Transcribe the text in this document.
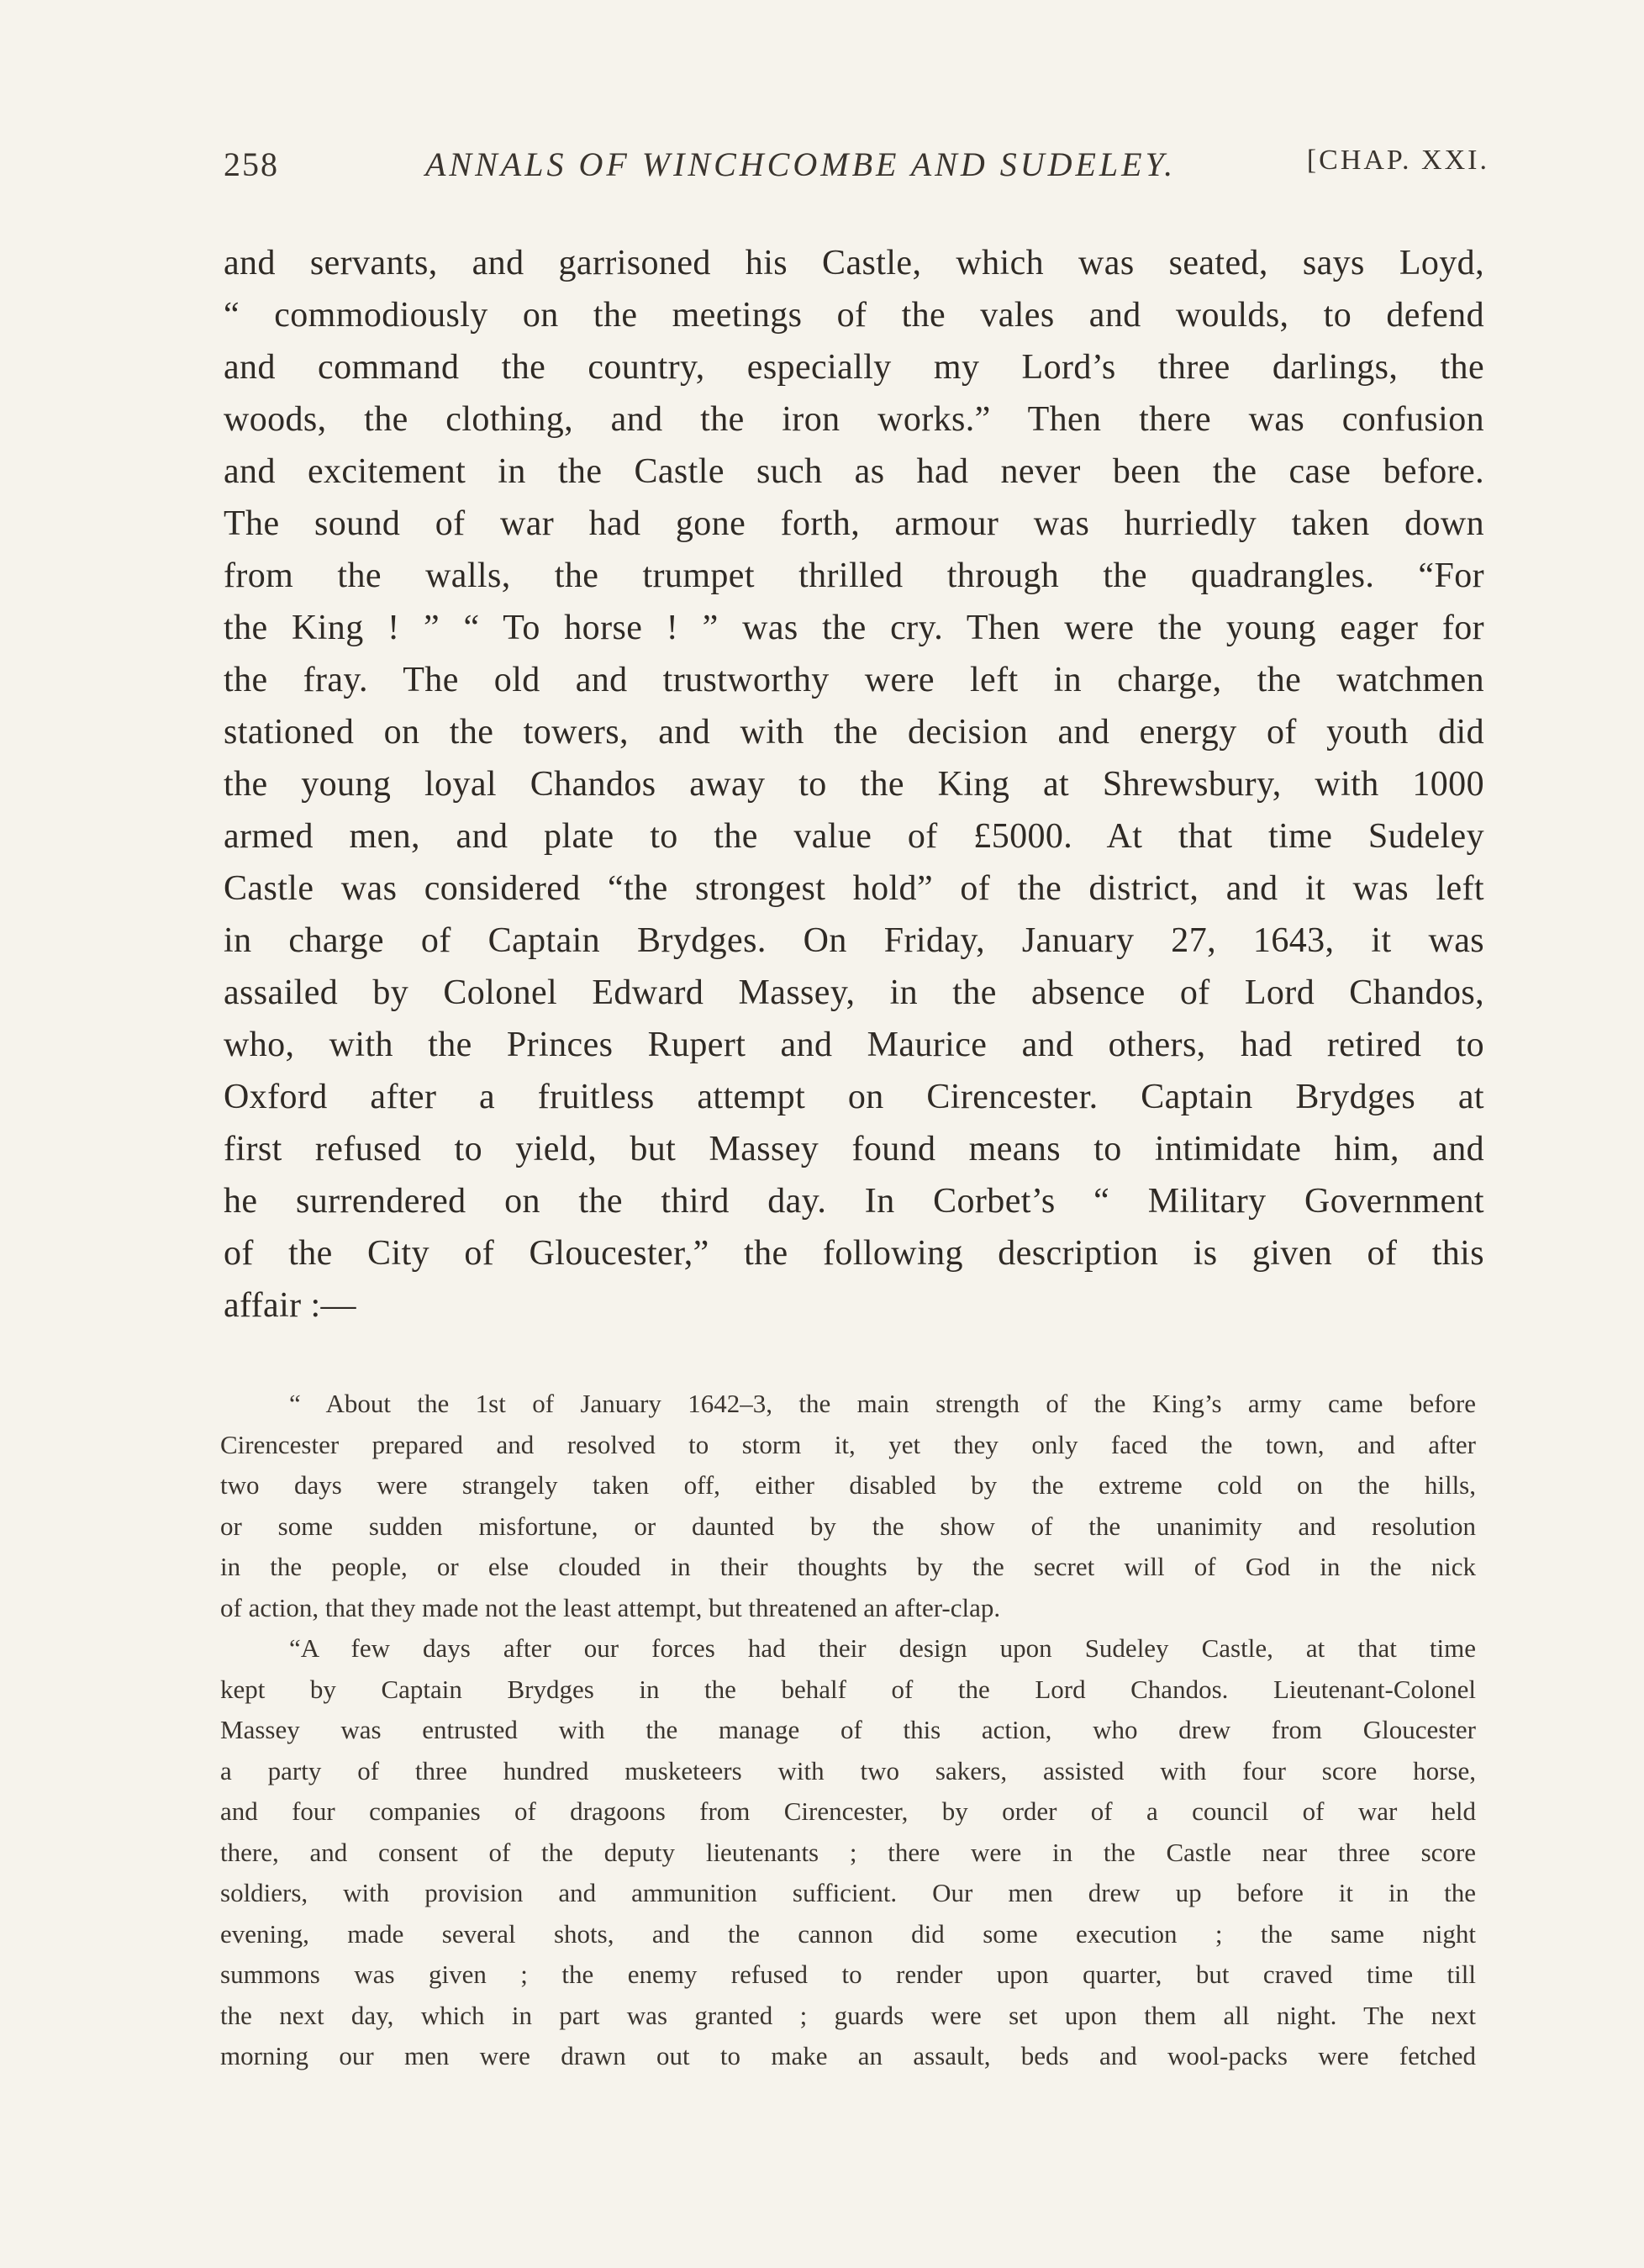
258	ANNALS OF WINCHCOMBE AND SUDELEY.	[CHAP. XXI.
and servants, and garrisoned his Castle, which was seated, says Loyd,
“ commodiously on the meetings of the vales and woulds, to defend
and command the country, especially my Lord’s three darlings, the
woods, the clothing, and the iron works.” Then there was confusion
and excitement in the Castle such as had never been the case before.
The sound of war had gone forth, armour was hurriedly taken down
from the walls, the trumpet thrilled through the quadrangles. “For
the King ! ” “ To horse ! ” was the cry. Then were the young eager for
the fray. The old and trustworthy were left in charge, the watchmen
stationed on the towers, and with the decision and energy of youth did
the young loyal Chandos away to the King at Shrewsbury, with 1000
armed men, and plate to the value of £5000. At that time Sudeley
Castle was considered “the strongest hold” of the district, and it was left
in charge of Captain Brydges. On Friday, January 27, 1643, it was
assailed by Colonel Edward Massey, in the absence of Lord Chandos,
who, with the Princes Rupert and Maurice and others, had retired to
Oxford after a fruitless attempt on Cirencester. Captain Brydges at
first refused to yield, but Massey found means to intimidate him, and
he surrendered on the third day. In Corbet’s “ Military Government
of the City of Gloucester,” the following description is given of this
affair :—
“ About the 1st of January 1642–3, the main strength of the King’s army came before
Cirencester prepared and resolved to storm it, yet they only faced the town, and after
two days were strangely taken off, either disabled by the extreme cold on the hills,
or some sudden misfortune, or daunted by the show of the unanimity and resolution
in the people, or else clouded in their thoughts by the secret will of God in the nick
of action, that they made not the least attempt, but threatened an after-clap.
“A few days after our forces had their design upon Sudeley Castle, at that time
kept by Captain Brydges in the behalf of the Lord Chandos. Lieutenant-Colonel
Massey was entrusted with the manage of this action, who drew from Gloucester
a party of three hundred musketeers with two sakers, assisted with four score horse,
and four companies of dragoons from Cirencester, by order of a council of war held
there, and consent of the deputy lieutenants ; there were in the Castle near three score
soldiers, with provision and ammunition sufficient. Our men drew up before it in the
evening, made several shots, and the cannon did some execution ; the same night
summons was given ; the enemy refused to render upon quarter, but craved time till
the next day, which in part was granted ; guards were set upon them all night. The next
morning our men were drawn out to make an assault, beds and wool-packs were fetched
